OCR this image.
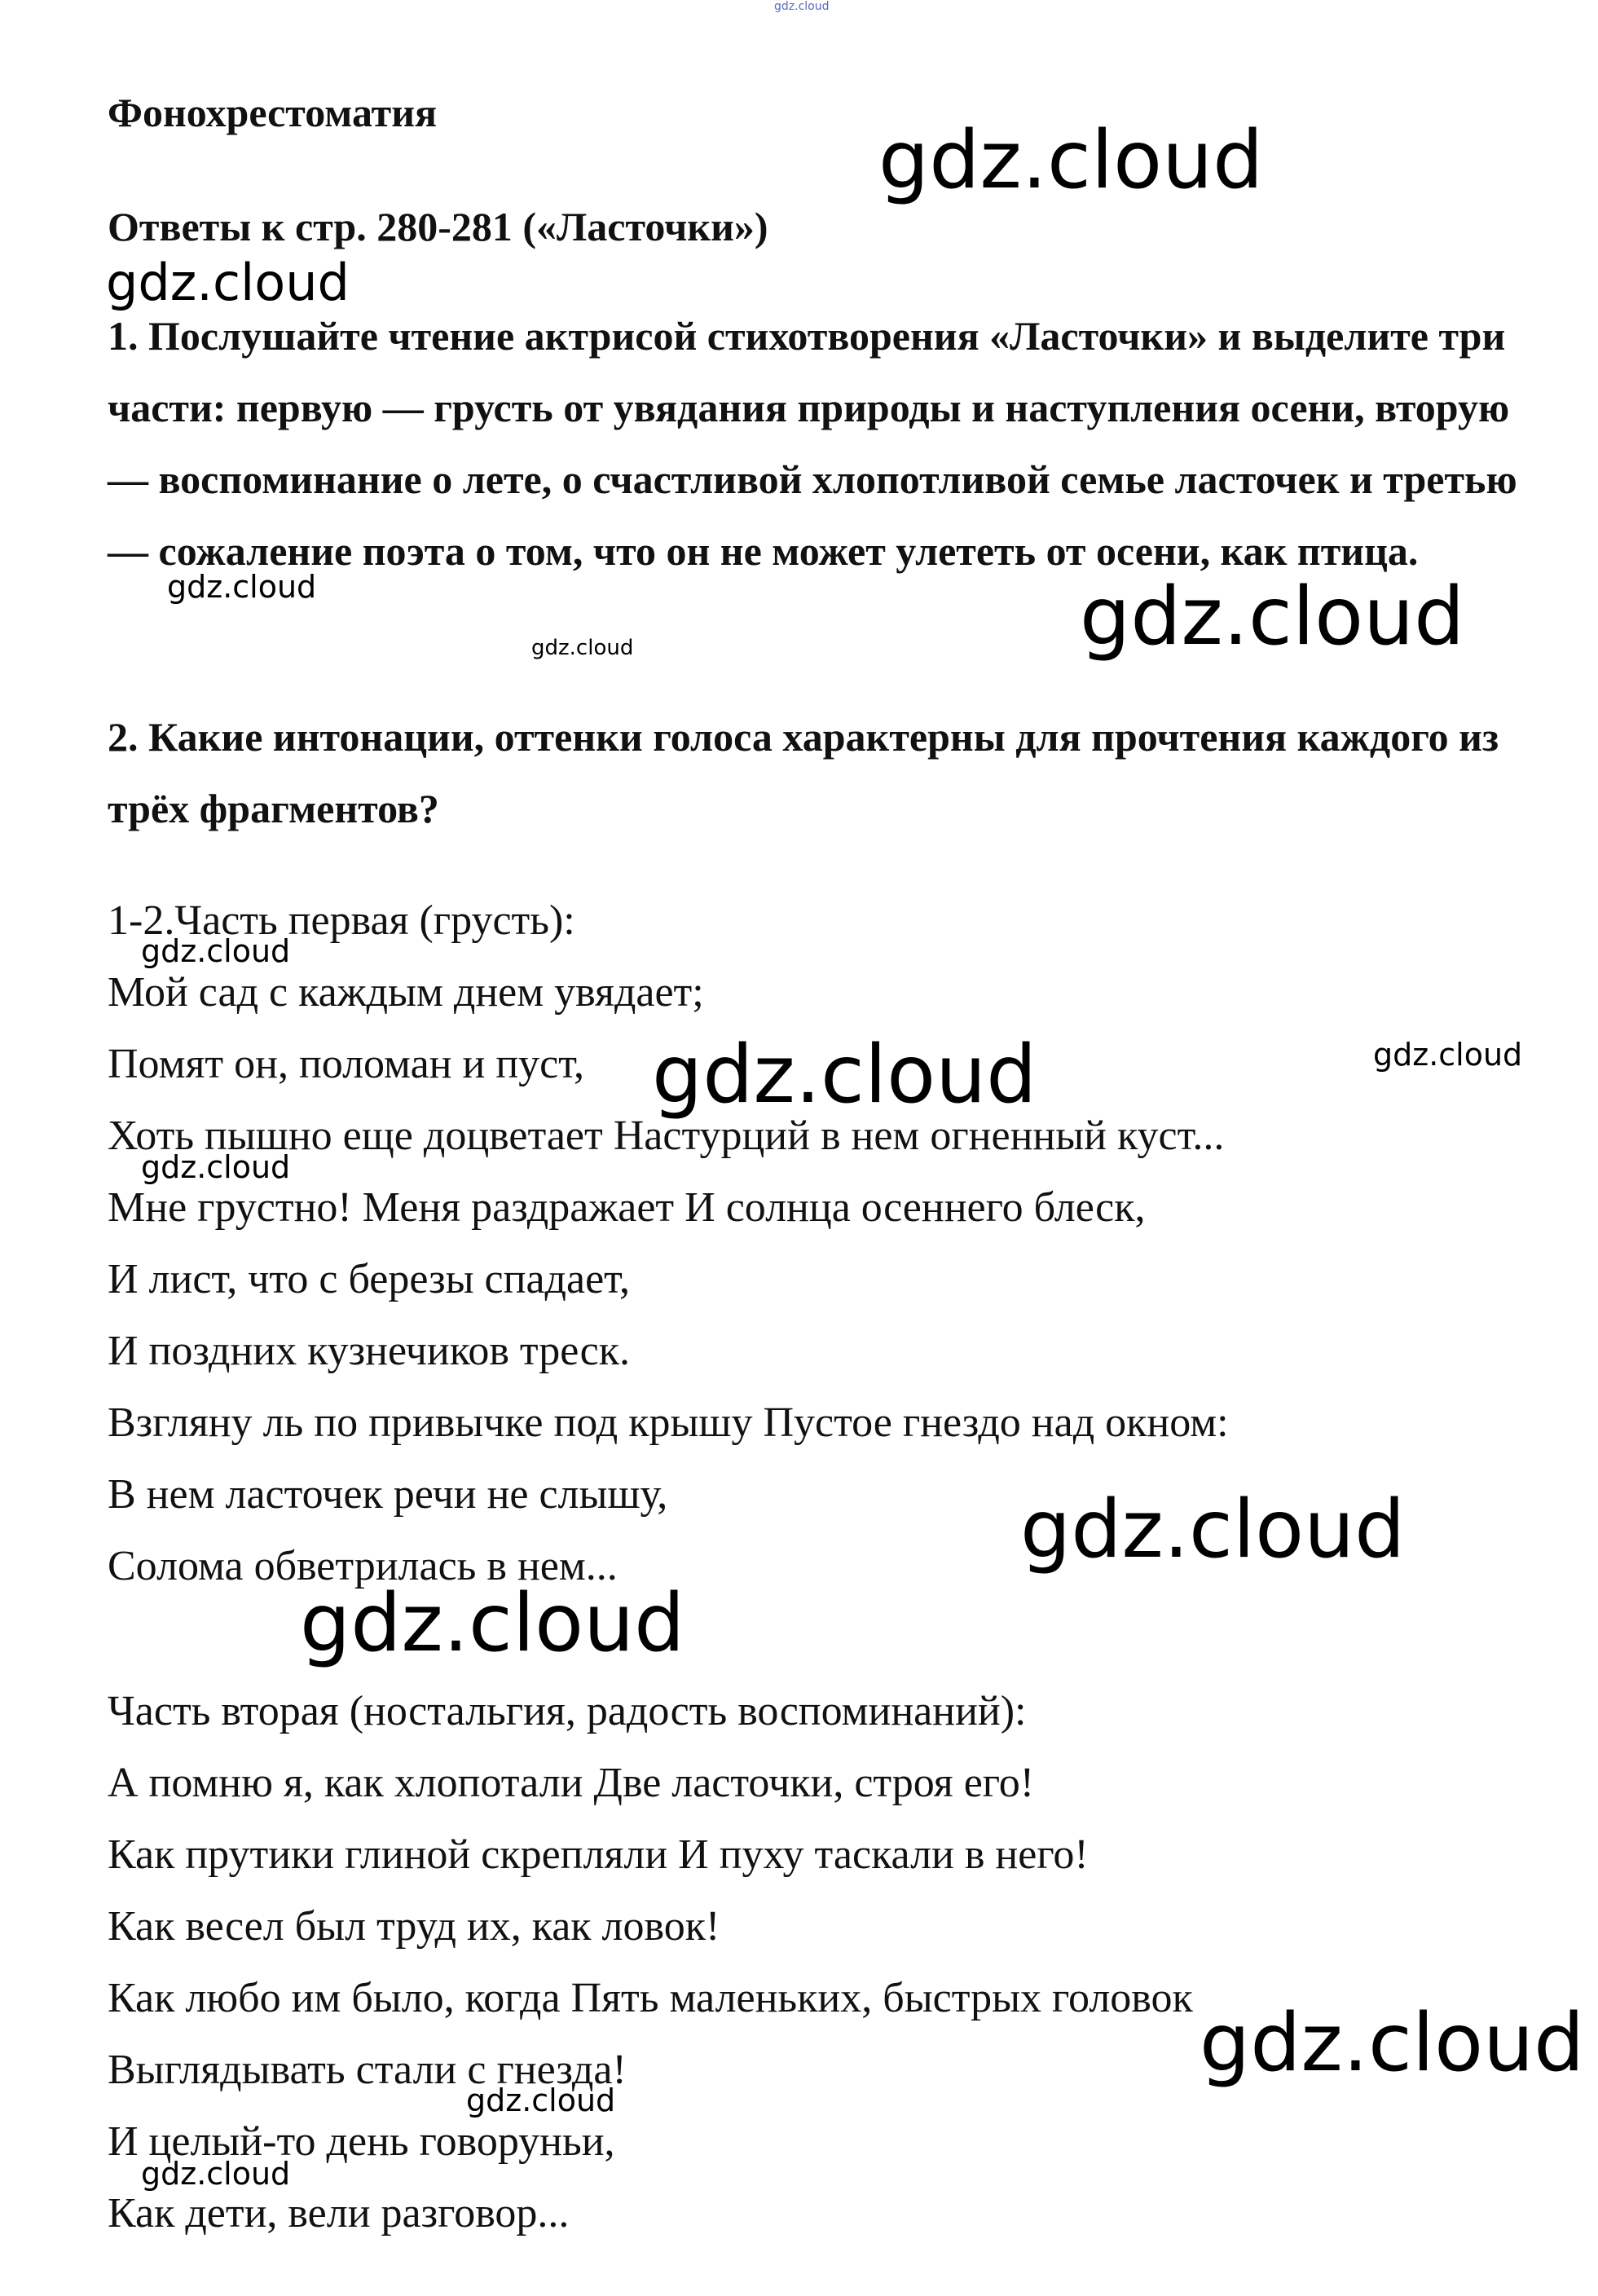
gdz.cloud
Фонохрестоматия
Ответы к стр. 280-281 («Ласточки»)
1. Послушайте чтение актрисой стихотворения «Ласточки» и выделите три части: первую — грусть от увядания природы и наступления осени, вторую — воспоминание о лете, о счастливой хлопотливой семье ласточек и третью — сожаление поэта о том, что он не может улететь от осени, как птица.
2. Какие интонации, оттенки голоса характерны для прочтения каждого из трёх фрагментов?
1-2.Часть первая (грусть):
Мой сад с каждым днем увядает;
Помят он, поломан и пуст,
Хоть пышно еще доцветает Настурций в нем огненный куст...
Мне грустно! Меня раздражает И солнца осеннего блеск,
И лист, что с березы спадает,
И поздних кузнечиков треск.
Взгляну ль по привычке под крышу Пустое гнездо над окном:
В нем ласточек речи не слышу,
Солома обветрилась в нем...
Часть вторая (ностальгия, радость воспоминаний):
А помню я, как хлопотали Две ласточки, строя его!
Как прутики глиной скрепляли И пуху таскали в него!
Как весел был труд их, как ловок!
Как любо им было, когда Пять маленьких, быстрых головок
Выглядывать стали с гнезда!
И целый-то день говоруньи,
Как дети, вели разговор...
gdz.cloud
gdz.cloud
gdz.cloud	gdz.cloud
gdz.cloud
gdz.cloud
gdz.cloud	gdz.cloud
gdz.cloud
gdz.cloud
gdz.cloud
gdz.cloud
gdz.cloud
gdz.cloud
